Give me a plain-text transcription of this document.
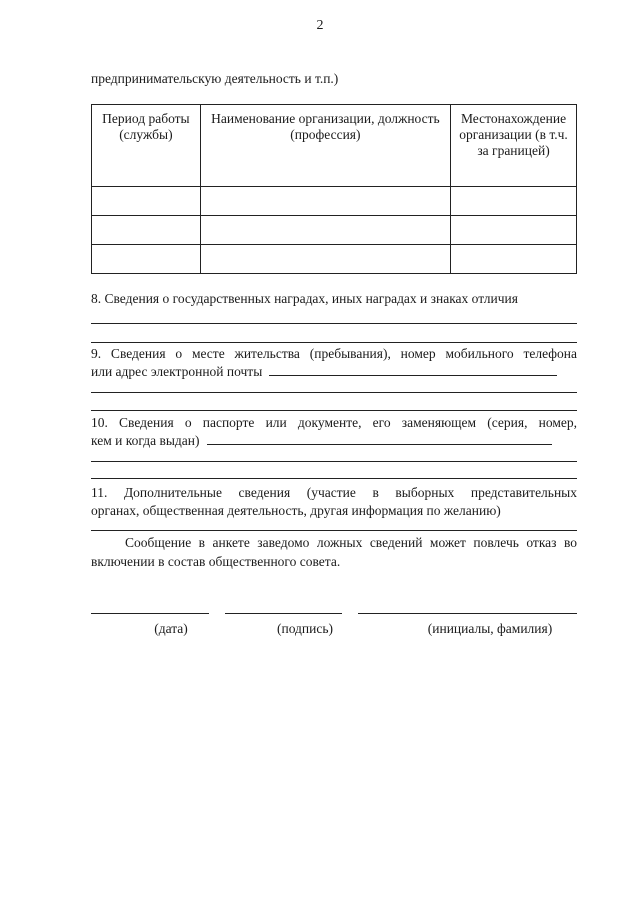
2
предпринимательскую деятельность и т.п.)
Период работы (службы)	Наименование организации, должность (профессия)	Местонахождение организации (в т.ч. за границей)

8. Сведения о государственных наградах, иных наградах и знаках отличия
9. Сведения о месте жительства (пребывания), номер мобильного телефона
или адрес электронной почты
10. Сведения о паспорте или документе, его заменяющем (серия, номер,
кем и когда выдан)
11. Дополнительные сведения (участие в выборных представительных
органах, общественная деятельность, другая информация по желанию)
Сообщение в анкете заведомо ложных сведений может повлечь отказ во включении в состав общественного совета.
(дата)	(подпись)	(инициалы, фамилия)
